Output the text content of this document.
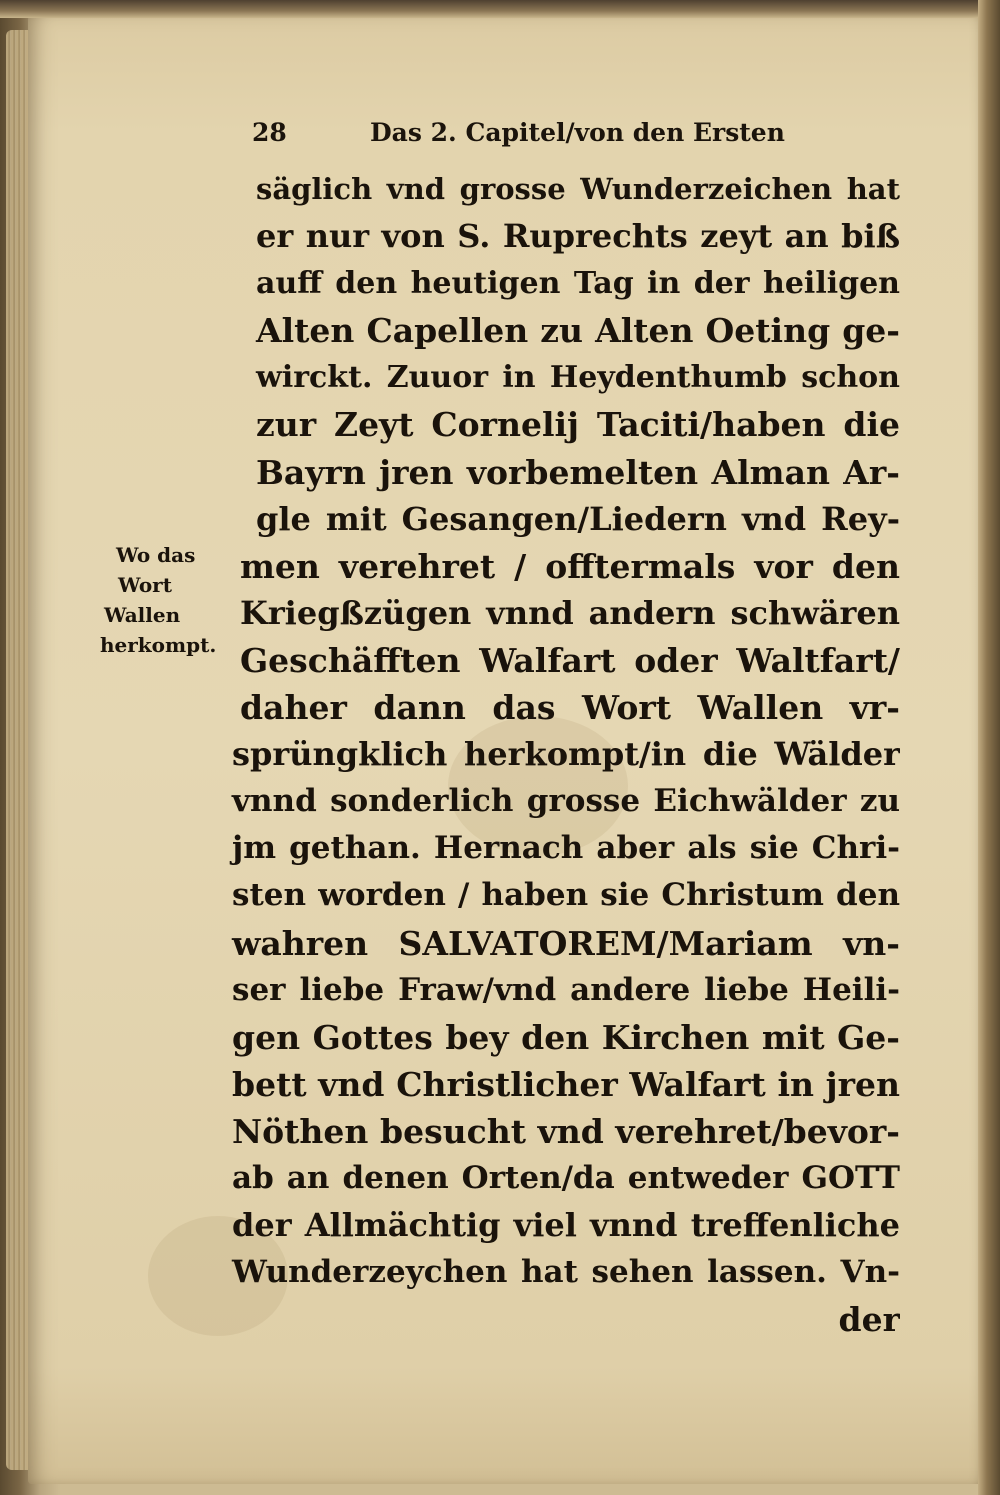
28	Das 2. Capitel/von den Ersten
Wo das
Wort
Wallen
herkompt.
säglich vnd grosse Wunderzeichen hat
er nur von S. Ruprechts zeyt an biß
auff den heutigen Tag in der heiligen
Alten Capellen zu Alten Oeting ge-
wirckt. Zuuor in Heydenthumb schon
zur Zeyt Cornelij Taciti/haben die
Bayrn jren vorbemelten Alman Ar-
gle mit Gesangen/Liedern vnd Rey-
men verehret / offtermals vor den
Kriegßzügen vnnd andern schwären
Geschäfften Walfart oder Waltfart/
daher dann das Wort Wallen vr-
sprüngklich herkompt/in die Wälder
vnnd sonderlich grosse Eichwälder zu
jm gethan. Hernach aber als sie Chri-
sten worden / haben sie Christum den
wahren SALVATOREM/Mariam vn-
ser liebe Fraw/vnd andere liebe Heili-
gen Gottes bey den Kirchen mit Ge-
bett vnd Christlicher Walfart in jren
Nöthen besucht vnd verehret/bevor-
ab an denen Orten/da entweder GOTT
der Allmächtig viel vnnd treffenliche
Wunderzeychen hat sehen lassen. Vn-
der
